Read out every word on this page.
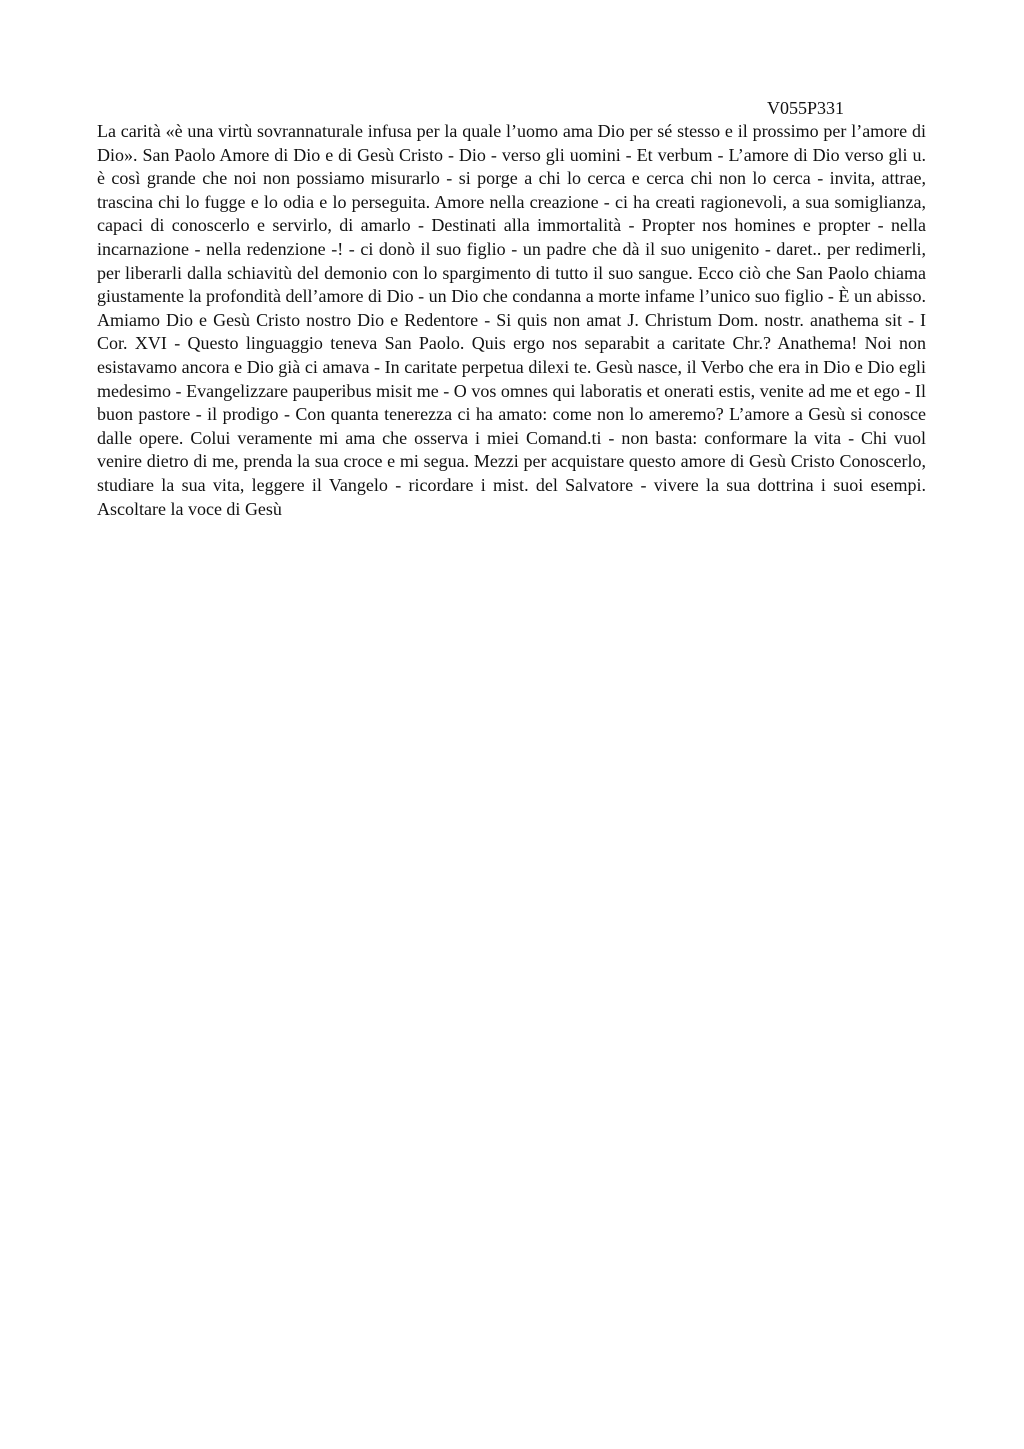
V055P331

La carità «è una virtù sovrannaturale infusa per la quale l’uomo ama Dio per sé stesso e il prossimo per l’amore di Dio». San Paolo Amore di Dio e di Gesù Cristo - Dio - verso gli uomini - Et verbum - L’amore di Dio verso gli u. è così grande che noi non possiamo misurarlo - si porge a chi lo cerca e cerca chi non lo cerca - invita, attrae, trascina chi lo fugge e lo odia e lo perseguita. Amore nella creazione - ci ha creati ragionevoli, a sua somiglianza, capaci di conoscerlo e servirlo, di amarlo - Destinati alla immortalità - Propter nos homines e propter - nella incarnazione - nella redenzione -! - ci donò il suo figlio - un padre che dà il suo unigenito - daret.. per redimerli, per liberarli dalla schiavitù del demonio con lo spargimento di tutto il suo sangue. Ecco ciò che San Paolo chiama giustamente la profondità dell’amore di Dio - un Dio che condanna a morte infame l’unico suo figlio - È un abisso. Amiamo Dio e Gesù Cristo nostro Dio e Redentore - Si quis non amat J. Christum Dom. nostr. anathema sit - I Cor. XVI - Questo linguaggio teneva San Paolo. Quis ergo nos separabit a caritate Chr.? Anathema! Noi non esistavamo ancora e Dio già ci amava - In caritate perpetua dilexi te. Gesù nasce, il Verbo che era in Dio e Dio egli medesimo - Evangelizzare pauperibus misit me - O vos omnes qui laboratis et onerati estis, venite ad me et ego - Il buon pastore - il prodigo - Con quanta tenerezza ci ha amato: come non lo ameremo? L’amore a Gesù si conosce dalle opere. Colui veramente mi ama che osserva i miei Comand.ti - non basta: conformare la vita - Chi vuol venire dietro di me, prenda la sua croce e mi segua. Mezzi per acquistare questo amore di Gesù Cristo Conoscerlo, studiare la sua vita, leggere il Vangelo - ricordare i mist. del Salvatore - vivere la sua dottrina i suoi esempi. Ascoltare la voce di Gesù
